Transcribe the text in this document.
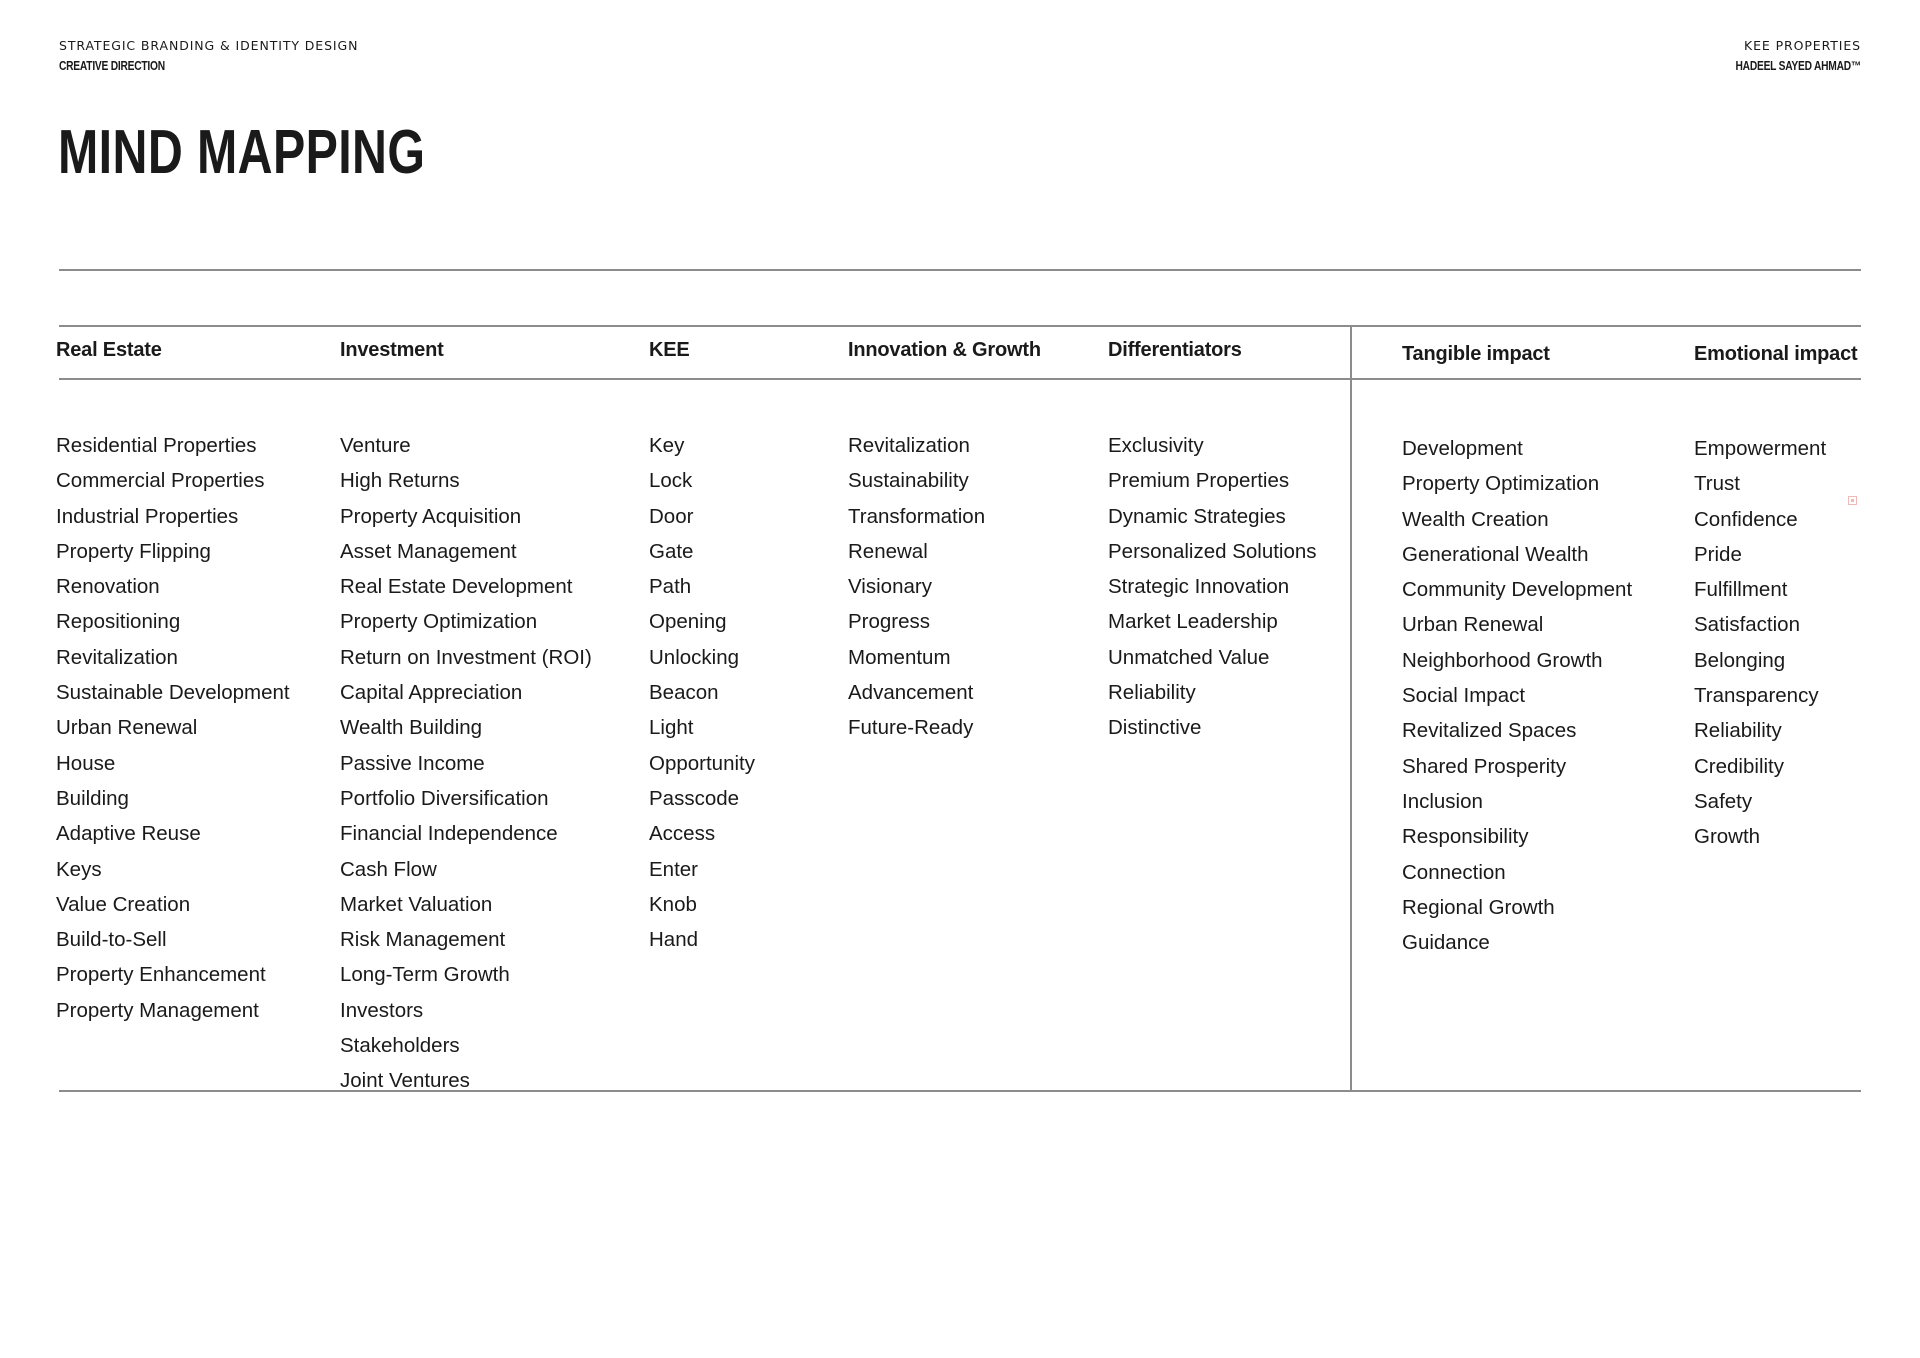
STRATEGIC BRANDING & IDENTITY DESIGN
CREATIVE DIRECTION
KEE PROPERTIES
HADEEL SAYED AHMAD™
MIND MAPPING
Real Estate
Residential Properties
Commercial Properties
Industrial Properties
Property Flipping
Renovation
Repositioning
Revitalization
Sustainable Development
Urban Renewal
House
Building
Adaptive Reuse
Keys
Value Creation
Build-to-Sell
Property Enhancement
Property Management
Investment
Venture
High Returns
Property Acquisition
Asset Management
Real Estate Development
Property Optimization
Return on Investment (ROI)
Capital Appreciation
Wealth Building
Passive Income
Portfolio Diversification
Financial Independence
Cash Flow
Market Valuation
Risk Management
Long-Term Growth
Investors
Stakeholders
Joint Ventures
KEE
Key
Lock
Door
Gate
Path
Opening
Unlocking
Beacon
Light
Opportunity
Passcode
Access
Enter
Knob
Hand
Innovation & Growth
Revitalization
Sustainability
Transformation
Renewal
Visionary
Progress
Momentum
Advancement
Future-Ready
Differentiators
Exclusivity
Premium Properties
Dynamic Strategies
Personalized Solutions
Strategic Innovation
Market Leadership
Unmatched Value
Reliability
Distinctive
Tangible impact
Development
Property Optimization
Wealth Creation
Generational Wealth
Community Development
Urban Renewal
Neighborhood Growth
Social Impact
Revitalized Spaces
Shared Prosperity
Inclusion
Responsibility
Connection
Regional Growth
Guidance
Emotional impact
Empowerment
Trust
Confidence
Pride
Fulfillment
Satisfaction
Belonging
Transparency
Reliability
Credibility
Safety
Growth
